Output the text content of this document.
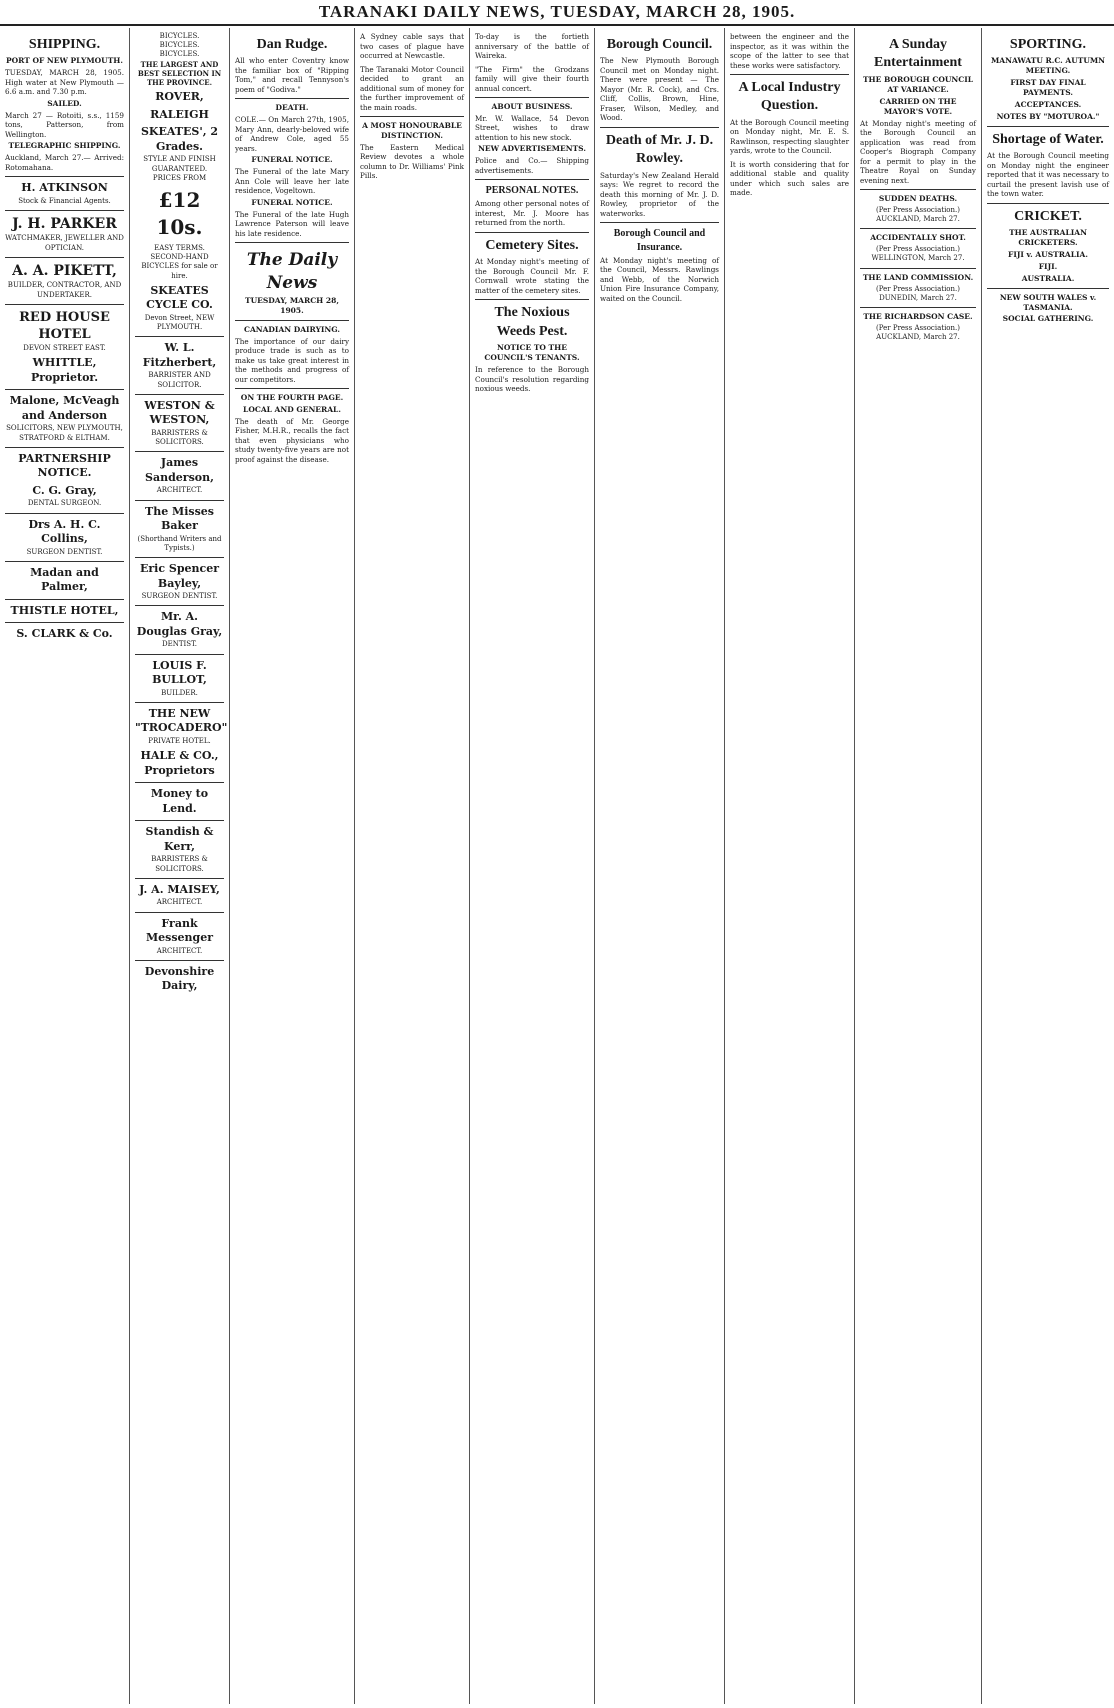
TARANAKI DAILY NEWS, TUESDAY, MARCH 28, 1905.
SHIPPING.
PORT OF NEW PLYMOUTH.
TUESDAY, MARCH 28, 1905. High water at New Plymouth — 6.6 a.m. and 7.30 p.m.
SAILED.
March 27 — Rotoiti, s.s., 1159 tons, Patterson, from Wellington.
TELEGRAPHIC SHIPPING.
Auckland, March 27.— Arrived: Rotomahana.
H. ATKINSON
Stock & Financial Agents.
J. H. PARKER
WATCHMAKER, JEWELLER AND OPTICIAN.
A. A. PIKETT,
BUILDER, CONTRACTOR, AND UNDERTAKER.
RED HOUSE HOTEL
DEVON STREET EAST.
WHITTLE, Proprietor.
Malone, McVeagh and Anderson
SOLICITORS, NEW PLYMOUTH, STRATFORD & ELTHAM.
PARTNERSHIP NOTICE.
C. G. Gray,
DENTAL SURGEON.
Drs A. H. C. Collins,
SURGEON DENTIST.
Madan and Palmer,
THISTLE HOTEL,
S. CLARK & Co.
BICYCLES.
BICYCLES.
BICYCLES.
THE LARGEST AND BEST SELECTION IN THE PROVINCE.
ROVER,
RALEIGH
SKEATES', 2 Grades.
STYLE AND FINISH GUARANTEED.
PRICES FROM
£12 10s.
EASY TERMS.
SECOND-HAND BICYCLES for sale or hire.
SKEATES CYCLE CO.
Devon Street, NEW PLYMOUTH.
W. L. Fitzherbert,
BARRISTER AND SOLICITOR.
WESTON & WESTON,
BARRISTERS & SOLICITORS.
James Sanderson,
ARCHITECT.
The Misses Baker
(Shorthand Writers and Typists.)
Eric Spencer Bayley,
SURGEON DENTIST.
Mr. A. Douglas Gray,
DENTIST.
LOUIS F. BULLOT,
BUILDER.
THE NEW "TROCADERO"
PRIVATE HOTEL.
HALE & CO., Proprietors
Money to Lend.
Standish & Kerr,
BARRISTERS & SOLICITORS.
J. A. MAISEY,
ARCHITECT.
Frank Messenger
ARCHITECT.
Devonshire Dairy,
Dan Rudge.
All who enter Coventry know the familiar box of "Ripping Tom," and recall Tennyson's poem of "Godiva."
DEATH.
COLE.— On March 27th, 1905, Mary Ann, dearly-beloved wife of Andrew Cole, aged 55 years.
FUNERAL NOTICE.
The Funeral of the late Mary Ann Cole will leave her late residence, Vogeltown.
FUNERAL NOTICE.
The Funeral of the late Hugh Lawrence Paterson will leave his late residence.
The Daily News
TUESDAY, MARCH 28, 1905.
CANADIAN DAIRYING.
The importance of our dairy produce trade is such as to make us take great interest in the methods and progress of our competitors.
ON THE FOURTH PAGE.
LOCAL AND GENERAL.
The death of Mr. George Fisher, M.H.R., recalls the fact that even physicians who study twenty-five years are not proof against the disease.
A Sydney cable says that two cases of plague have occurred at Newcastle.
The Taranaki Motor Council decided to grant an additional sum of money for the further improvement of the main roads.
A MOST HONOURABLE DISTINCTION.
The Eastern Medical Review devotes a whole column to Dr. Williams' Pink Pills.
To-day is the fortieth anniversary of the battle of Waireka.
"The Firm" the Grodzans family will give their fourth annual concert.
ABOUT BUSINESS.
Mr. W. Wallace, 54 Devon Street, wishes to draw attention to his new stock.
NEW ADVERTISEMENTS.
Police and Co.— Shipping advertisements.
PERSONAL NOTES.
Among other personal notes of interest, Mr. J. Moore has returned from the north.
Cemetery Sites.
At Monday night's meeting of the Borough Council Mr. F. Cornwall wrote stating the matter of the cemetery sites.
The Noxious Weeds Pest.
NOTICE TO THE COUNCIL'S TENANTS.
In reference to the Borough Council's resolution regarding noxious weeds.
Borough Council.
The New Plymouth Borough Council met on Monday night. There were present — The Mayor (Mr. R. Cock), and Crs. Cliff, Collis, Brown, Hine, Fraser, Wilson, Medley, and Wood.
Death of Mr. J. D. Rowley.
Saturday's New Zealand Herald says: We regret to record the death this morning of Mr. J. D. Rowley, proprietor of the waterworks.
Borough Council and Insurance.
At Monday night's meeting of the Council, Messrs. Rawlings and Webb, of the Norwich Union Fire Insurance Company, waited on the Council.
between the engineer and the inspector, as it was within the scope of the latter to see that these works were satisfactory.
A Local Industry Question.
At the Borough Council meeting on Monday night, Mr. E. S. Rawlinson, respecting slaughter yards, wrote to the Council.
It is worth considering that for additional stable and quality under which such sales are made.
A Sunday Entertainment
THE BOROUGH COUNCIL AT VARIANCE.
CARRIED ON THE MAYOR'S VOTE.
At Monday night's meeting of the Borough Council an application was read from Cooper's Biograph Company for a permit to play in the Theatre Royal on Sunday evening next.
SUDDEN DEATHS.
(Per Press Association.) AUCKLAND, March 27.
ACCIDENTALLY SHOT.
(Per Press Association.) WELLINGTON, March 27.
THE LAND COMMISSION.
(Per Press Association.) DUNEDIN, March 27.
THE RICHARDSON CASE.
(Per Press Association.) AUCKLAND, March 27.
SPORTING.
MANAWATU R.C. AUTUMN MEETING.
FIRST DAY FINAL PAYMENTS.
ACCEPTANCES.
NOTES BY "MOTUROA."
Shortage of Water.
At the Borough Council meeting on Monday night the engineer reported that it was necessary to curtail the present lavish use of the town water.
CRICKET.
THE AUSTRALIAN CRICKETERS.
FIJI v. AUSTRALIA.
FIJI.
AUSTRALIA.
NEW SOUTH WALES v. TASMANIA.
SOCIAL GATHERING.
